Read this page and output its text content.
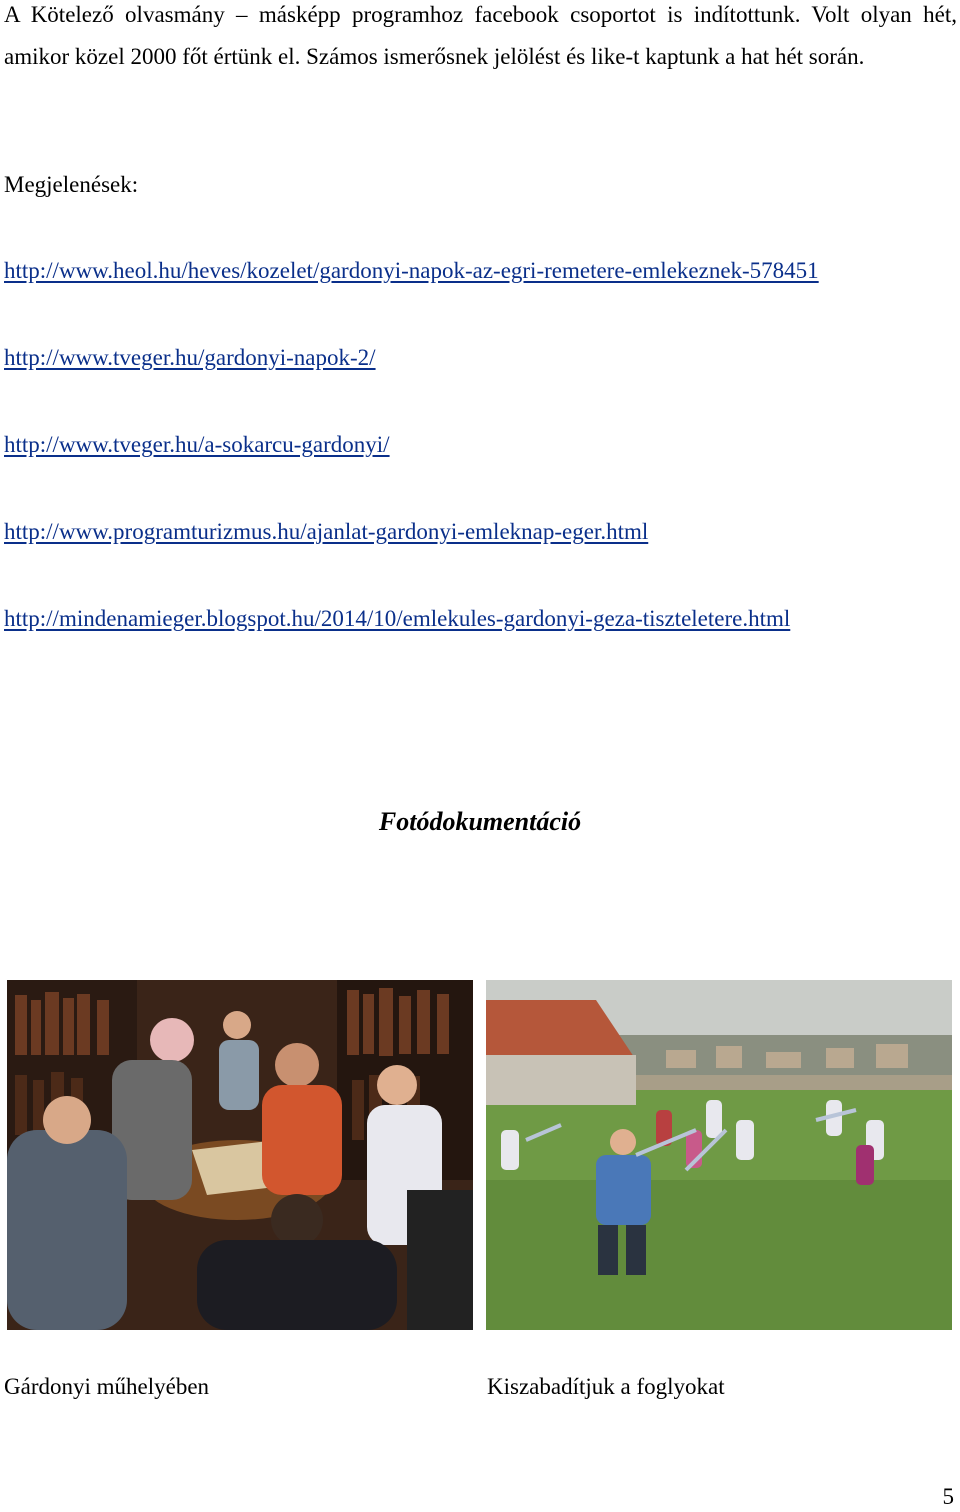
A Kötelező olvasmány – másképp programhoz facebook csoportot is indítottunk. Volt olyan hét, amikor közel 2000 főt értünk el. Számos ismerősnek jelölést és like-t kaptunk a hat hét során.

Megjelenések:

http://www.heol.hu/heves/kozelet/gardonyi-napok-az-egri-remetere-emlekeznek-578451
http://www.tveger.hu/gardonyi-napok-2/
http://www.tveger.hu/a-sokarcu-gardonyi/
http://www.programturizmus.hu/ajanlat-gardonyi-emleknap-eger.html
http://mindenamieger.blogspot.hu/2014/10/emlekules-gardonyi-geza-tiszteletere.html
Fotódokumentáció

Gárdonyi műhelyében	Kiszabadítjuk a foglyokat

5
